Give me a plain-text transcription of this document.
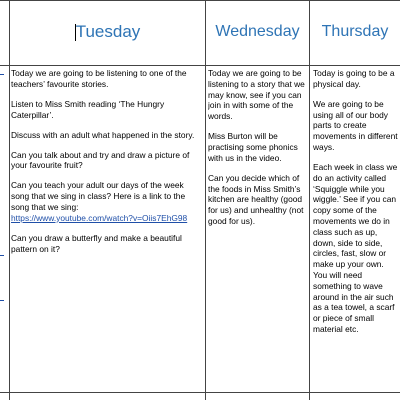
Tuesday	Wednesday	Thursday

Today we are going to be listening to one of the teachers’ favourite stories.

Listen to Miss Smith reading ‘The Hungry Caterpillar’.

Discuss with an adult what happened in the story.

Can you talk about and try and draw a picture of your favourite fruit?

Can you teach your adult our days of the week song that we sing in class? Here is a link to the song that we sing:

https://www.youtube.com/watch?v=Oiis7EhG98

Can you draw a butterfly and make a beautiful pattern on it?

Today we are going to be listening to a story that we may know, see if you can join in with some of the words.

Miss Burton will be practising some phonics with us in the video.

Can you decide which of the foods in Miss Smith’s kitchen are healthy (good for us) and unhealthy (not good for us).

Today is going to be a physical day.

We are going to be using all of our body parts to create movements in different ways.

Each week in class we do an activity called ‘Squiggle while you wiggle.’ See if you can copy some of the movements we do in class such as up, down, side to side, circles, fast, slow or make up your own.

You will need something to wave around in the air such as a tea towel, a scarf or piece of small material etc.
